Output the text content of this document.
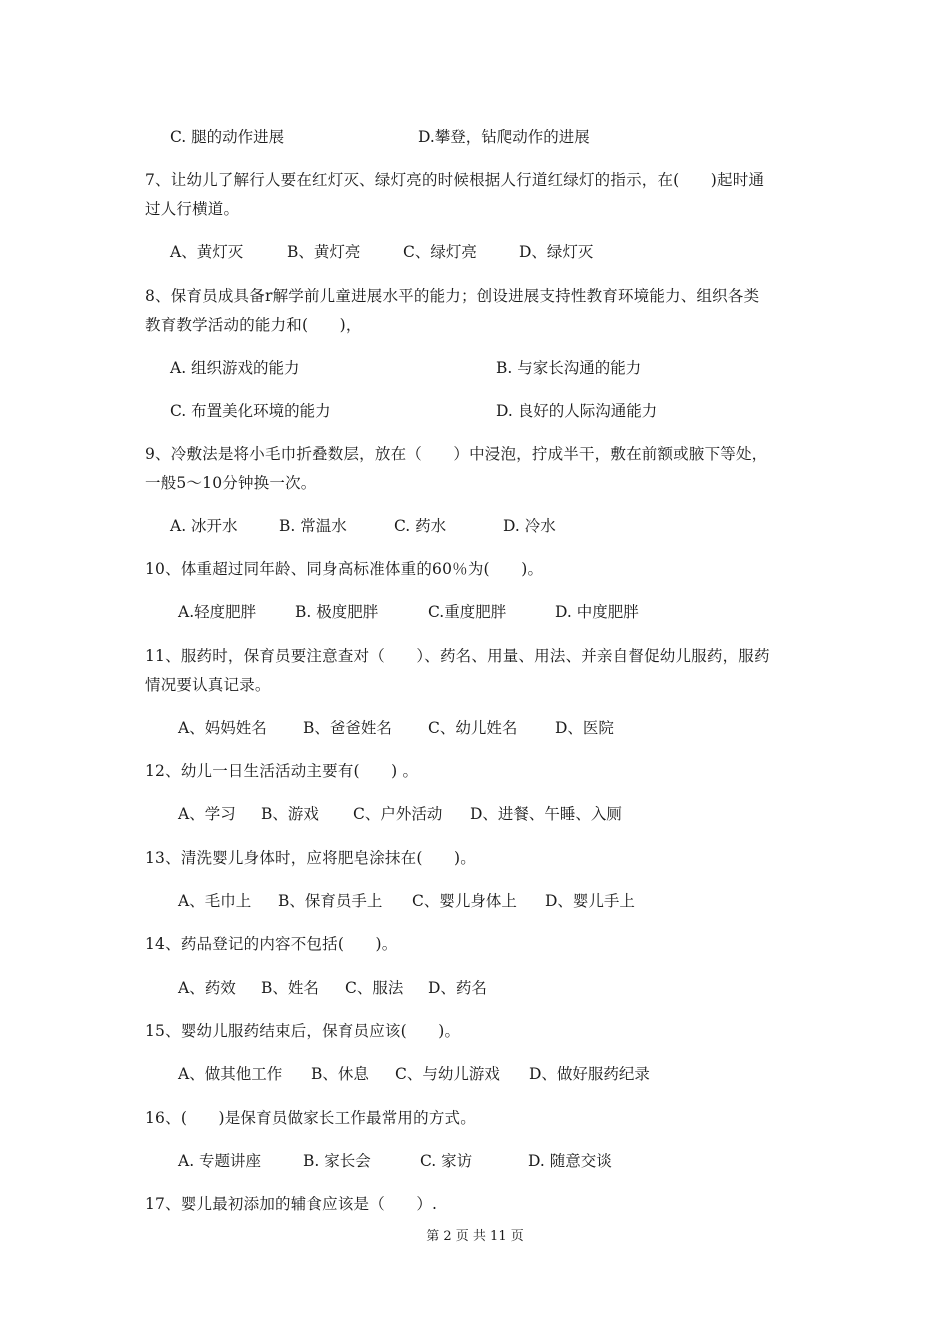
C. 腿的动作进展	D.攀登，钻爬动作的进展
7、让幼儿了解行人要在红灯灭、绿灯亮的时候根据人行道红绿灯的指示，在(　　)起时通
过人行横道。
A、黄灯灭	B、黄灯亮	C、绿灯亮	D、绿灯灭
8、保育员成具备r解学前儿童进展水平的能力；创设进展支持性教育环境能力、组织各类
教育教学活动的能力和(　　)，
A. 组织游戏的能力	B. 与家长沟通的能力
C. 布置美化环境的能力	D. 良好的人际沟通能力
9、冷敷法是将小毛巾折叠数层，放在（　　）中浸泡，拧成半干，敷在前额或腋下等处，
一般5～10分钟换一次。
A. 冰开水	B. 常温水	C. 药水	D. 冷水
10、体重超过同年龄、同身高标准体重的60％为(　　)。
A.轻度肥胖	B. 极度肥胖	C.重度肥胖	D. 中度肥胖
11、服药时，保育员要注意查对（　　）、药名、用量、用法、并亲自督促幼儿服药，服药
情况要认真记录。
A、妈妈姓名 B、爸爸姓名 C、幼儿姓名 D、医院
12、幼儿一日生活活动主要有(　　) 。
A、学习 B、游戏 C、户外活动 D、进餐、午睡、入厕
13、清洗婴儿身体时，应将肥皂涂抹在(　　)。
A、毛巾上 B、保育员手上 C、婴儿身体上 D、婴儿手上
14、药品登记的内容不包括(　　)。
A、药效 B、姓名 C、服法 D、药名
15、婴幼儿服药结束后，保育员应该(　　)。
A、做其他工作 B、休息 C、与幼儿游戏 D、做好服药纪录
16、(　　)是保育员做家长工作最常用的方式。
A. 专题讲座	B. 家长会	C. 家访	D. 随意交谈
17、婴儿最初添加的辅食应该是（　　）.
第 2 页 共 11 页
